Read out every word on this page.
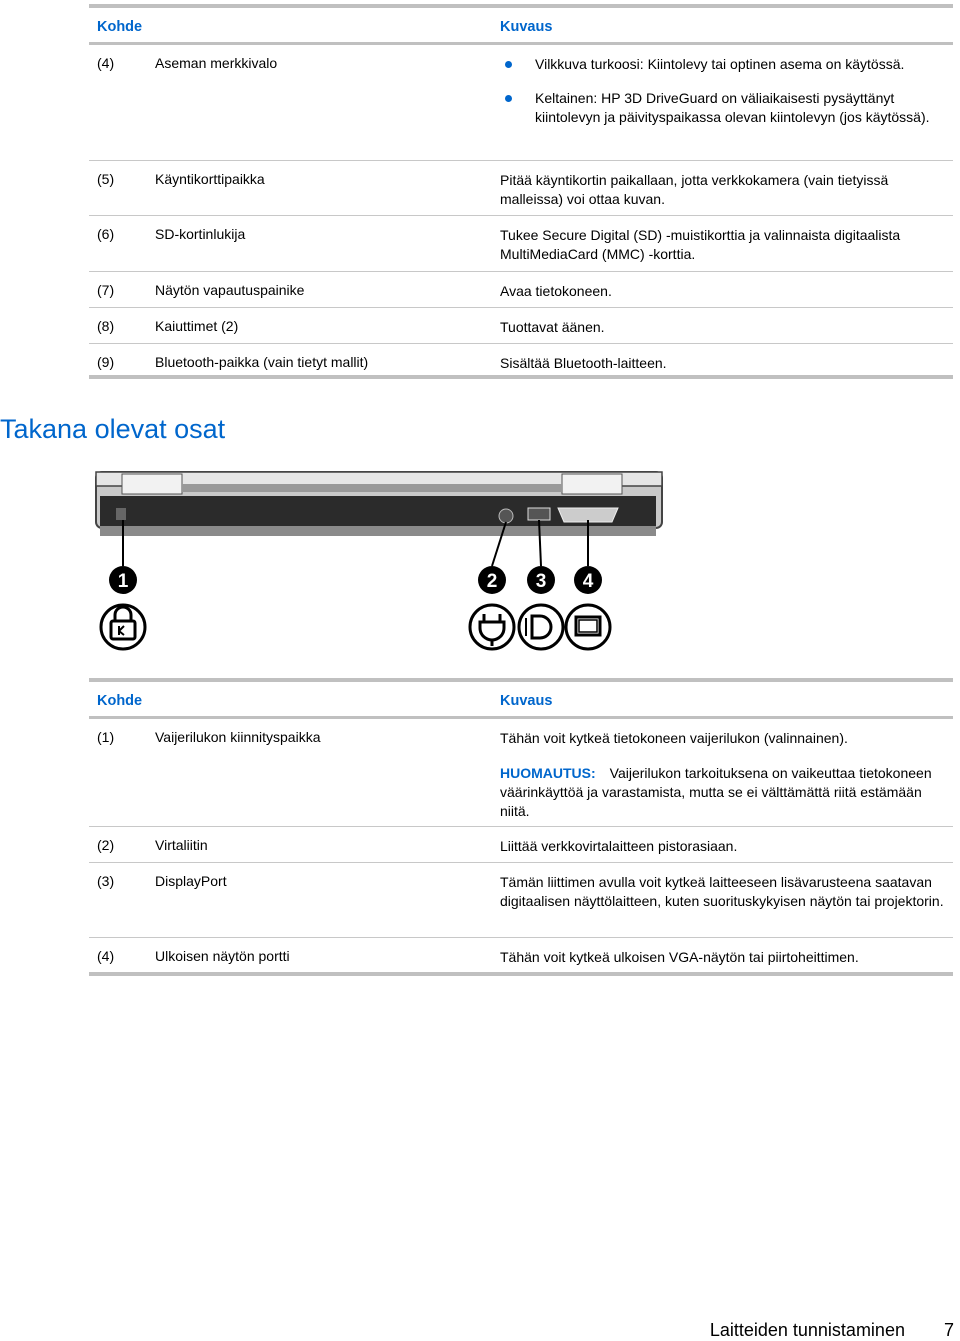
Kohde	Kuvaus
(4)	Aseman merkkivalo	Vilkkuva turkoosi: Kiintolevy tai optinen asema on käytössä.
Keltainen: HP 3D DriveGuard on väliaikaisesti pysäyttänyt kiintolevyn ja päivityspaikassa olevan kiintolevyn (jos käytössä).
(5)	Käyntikorttipaikka	Pitää käyntikortin paikallaan, jotta verkkokamera (vain tietyissä malleissa) voi ottaa kuvan.
(6)	SD-kortinlukija	Tukee Secure Digital (SD) -muistikorttia ja valinnaista digitaalista MultiMediaCard (MMC) -korttia.
(7)	Näytön vapautuspainike	Avaa tietokoneen.
(8)	Kaiuttimet (2)	Tuottavat äänen.
(9)	Bluetooth-paikka (vain tietyt mallit)	Sisältää Bluetooth-laitteen.
Takana olevat osat
1	2 3 4
Kohde	Kuvaus
(1)	Vaijerilukon kiinnityspaikka	Tähän voit kytkeä tietokoneen vaijerilukon (valinnainen).
HUOMAUTUS: Vaijerilukon tarkoituksena on vaikeuttaa tietokoneen väärinkäyttöä ja varastamista, mutta se ei välttämättä riitä estämään niitä.
(2)	Virtaliitin	Liittää verkkovirtalaitteen pistorasiaan.
(3)	DisplayPort	Tämän liittimen avulla voit kytkeä laitteeseen lisävarusteena saatavan digitaalisen näyttölaitteen, kuten suorituskykyisen näytön tai projektorin.
(4)	Ulkoisen näytön portti	Tähän voit kytkeä ulkoisen VGA-näytön tai piirtoheittimen.
Laitteiden tunnistaminen 7
